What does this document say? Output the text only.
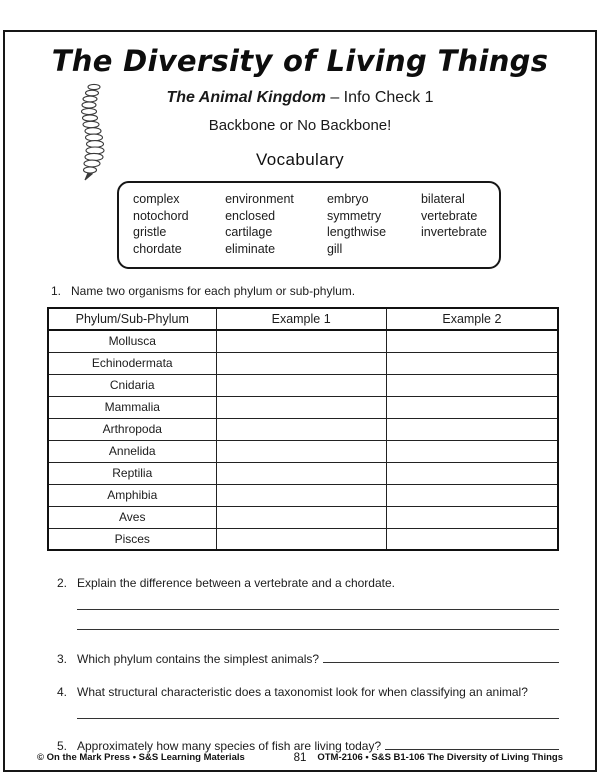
The Diversity of Living Things
The Animal Kingdom – Info Check 1
Backbone or No Backbone!
Vocabulary
complex
notochord
gristle
chordate
environment
enclosed
cartilage
eliminate
embryo
symmetry
lengthwise
gill
bilateral
vertebrate
invertebrate
1. Name two organisms for each phylum or sub-phylum.
Phylum/Sub-Phylum	Example 1	Example 2
Mollusca		
Echinodermata		
Cnidaria		
Mammalia		
Arthropoda		
Annelida		
Reptilia		
Amphibia		
Aves		
Pisces		
2. Explain the difference between a vertebrate and a chordate.
3. Which phylum contains the simplest animals?
4. What structural characteristic does a taxonomist look for when classifying an animal?
5. Approximately how many species of fish are living today?
© On the Mark Press • S&S Learning Materials	81 OTM-2106 • S&S B1-106 The Diversity of Living Things
